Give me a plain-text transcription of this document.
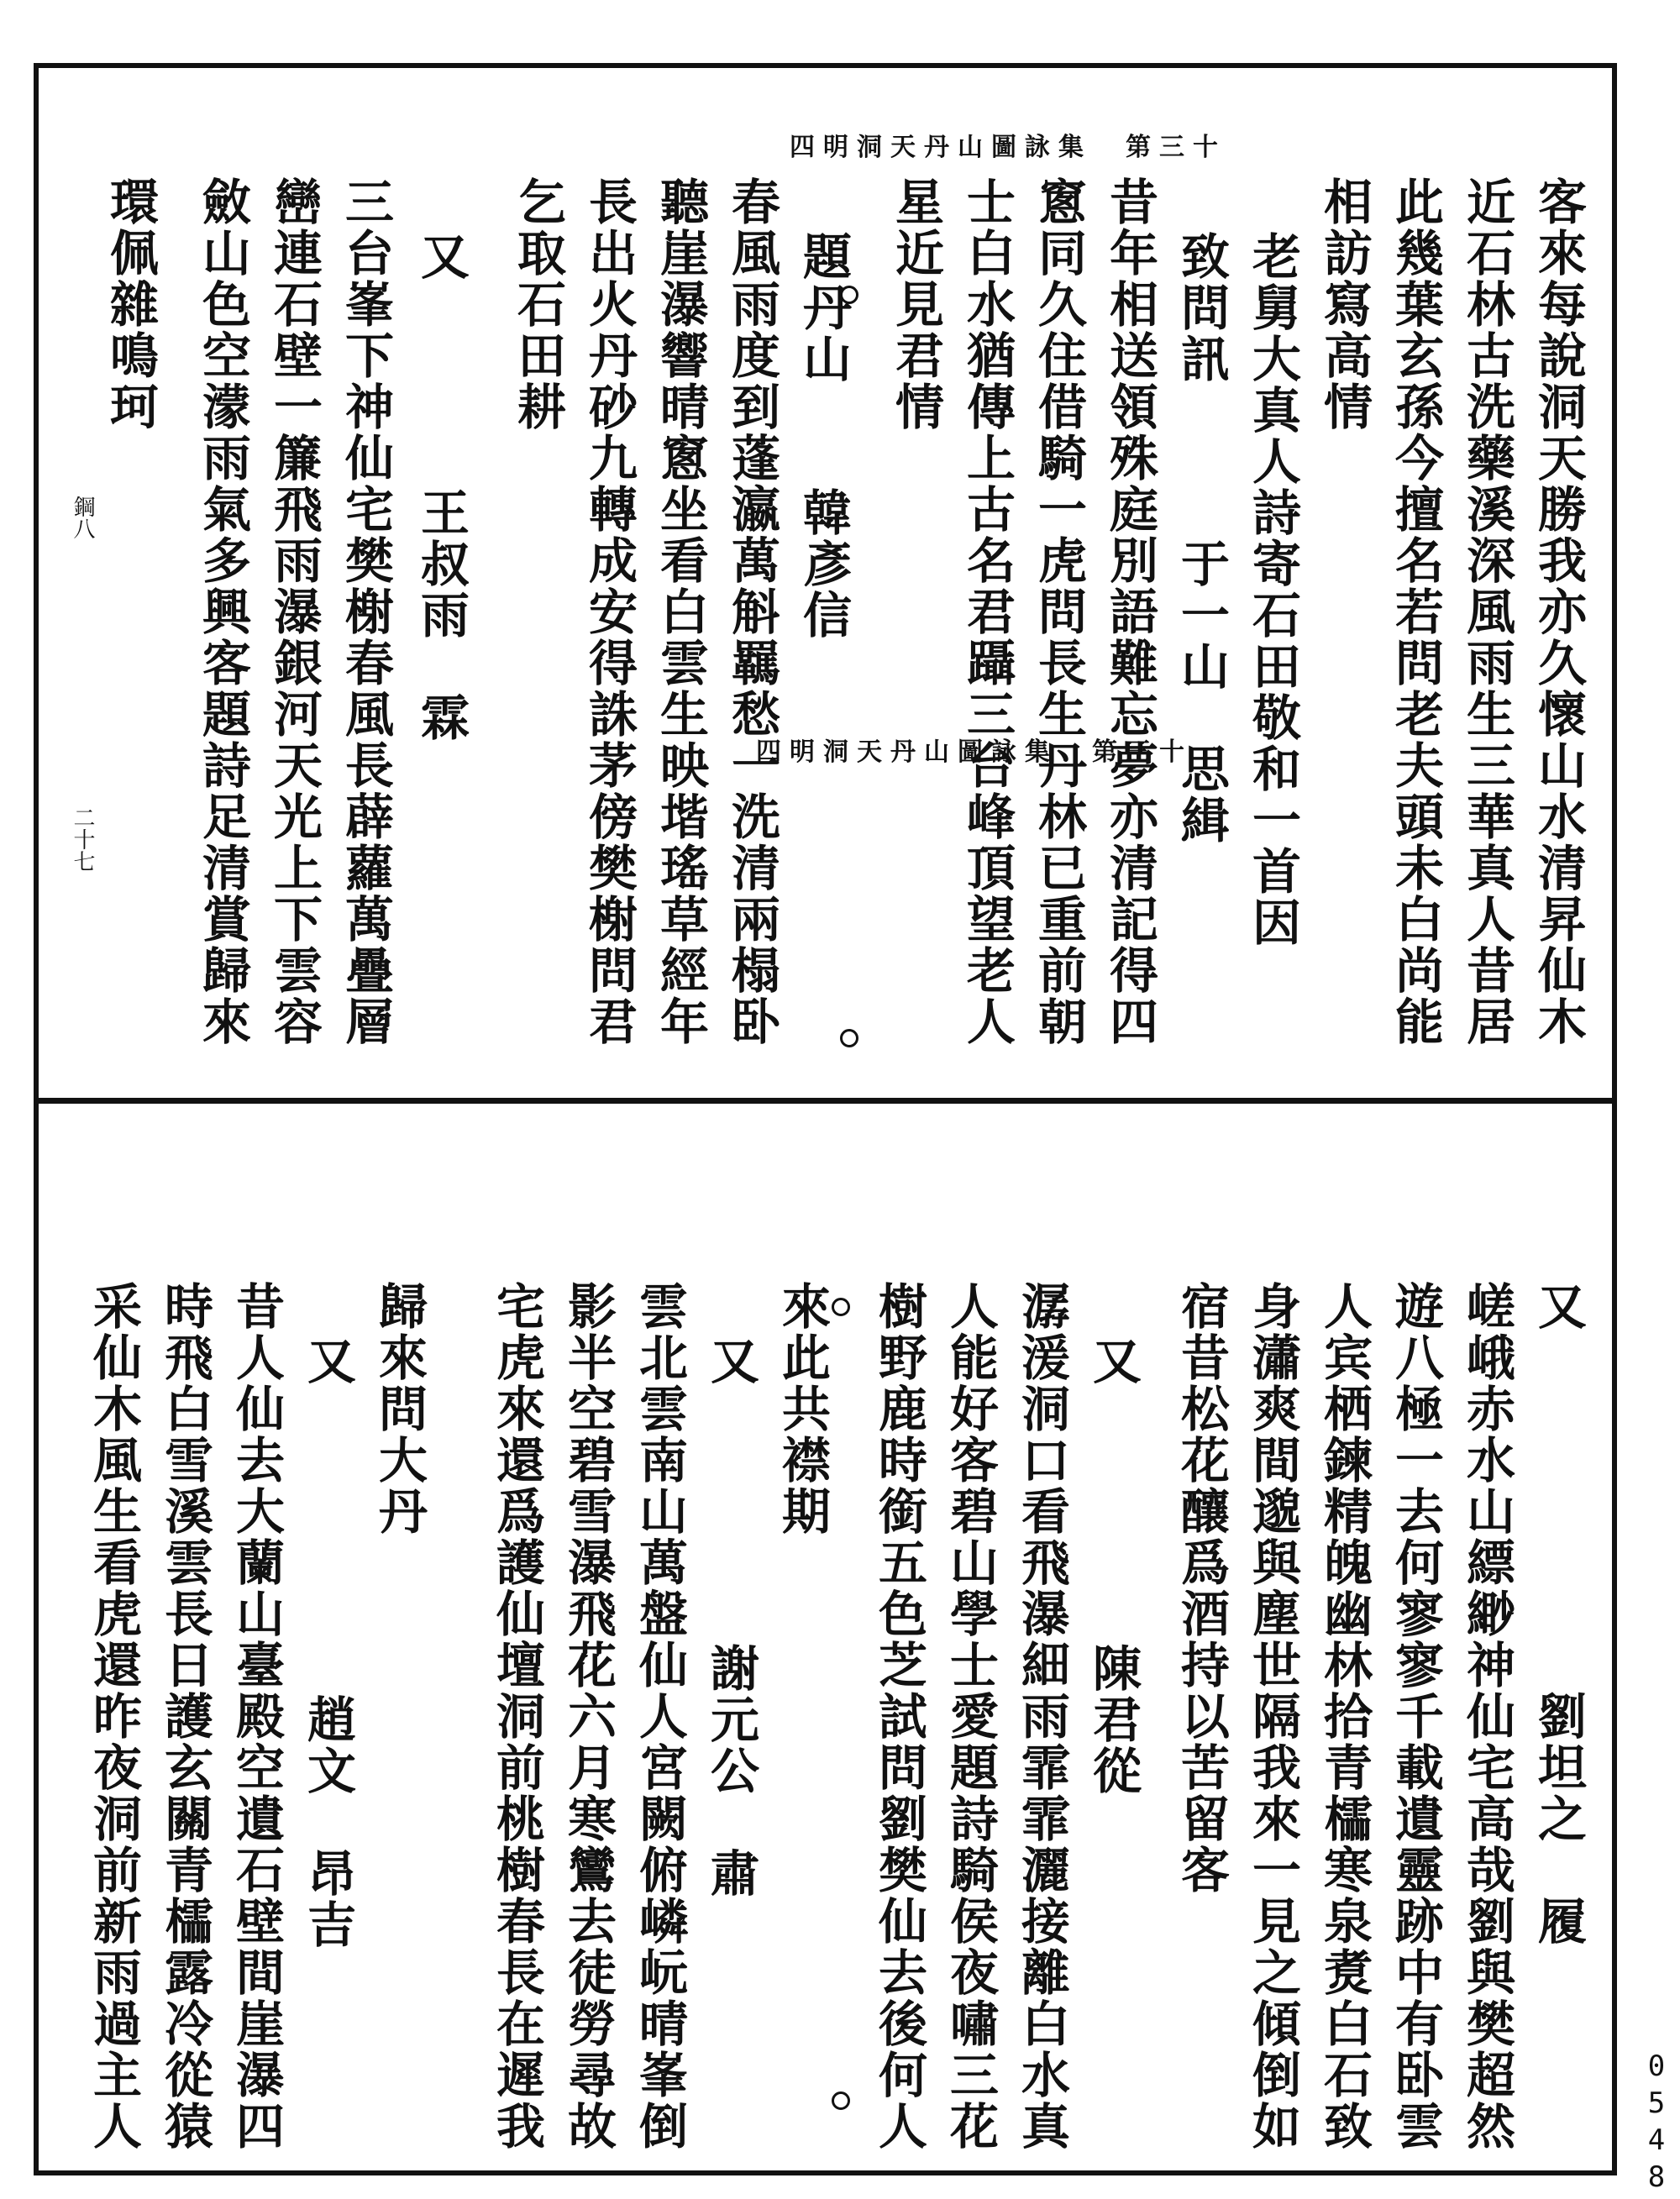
四明洞天丹山圖詠集　第三十
四明洞天丹山圖詠集　第三十一	客來每說洞天勝我亦久懷山水清昇仙木
近石林古洗藥溪深風雨生三華真人昔居
此幾葉玄孫今擅名若問老夫頭未白尚能
相訪寫高情
老舅大真人詩寄石田敬和一首因
致問訊　　　于一山　思緝
昔年相送領殊庭別語難忘夢亦清記得四
窻同久住借騎一虎問長生丹林已重前朝
士白水猶傳上古名君躡三台峰頂望老人
星近見君情
題丹山　　韓彥信
春風雨度到蓬瀛萬斛羈愁一洗清兩榻卧
聽崖瀑響晴窻坐看白雲生映堦瑤草經年
長出火丹砂九轉成安得誅茅傍樊榭問君
乞取石田耕
又　　　　王叔雨　霖
三台峯下神仙宅樊榭春風長薜蘿萬疊層
巒連石壁一簾飛雨瀑銀河天光上下雲容
斂山色空濛雨氣多興客題詩足清賞歸來
環佩雜鳴珂
鋼八
二十七
又　　　　　　　劉坦之　履
嵯峨赤水山縹緲神仙宅高哉劉與樊超然
遊八極一去何寥寥千載遺靈跡中有卧雲
人宾栖鍊精魄幽林拾青櫺寒泉煑白石致
身瀟爽間邈與塵世隔我來一見之傾倒如
宿昔松花釀爲酒持以苦留客
又　　　　　陳君從
潺湲洞口看飛瀑細雨霏霏灑接離白水真
人能好客碧山學士愛題詩騎侯夜嘯三花
樹野鹿時銜五色芝試問劉樊仙去後何人
來此共襟期
又　　　　　謝元公　肅
雲北雲南山萬盤仙人宮闕俯嶙岏晴峯倒
影半空碧雪瀑飛花六月寒鸞去徒勞尋故
宅虎來還爲護仙壇洞前桃樹春長在遲我
歸來問大丹
又　　　　　　趙文　昂吉
昔人仙去大蘭山臺殿空遺石壁間崖瀑四
時飛白雪溪雲長日護玄關青櫺露冷從猿
采仙木風生看虎還昨夜洞前新雨過主人	0548
